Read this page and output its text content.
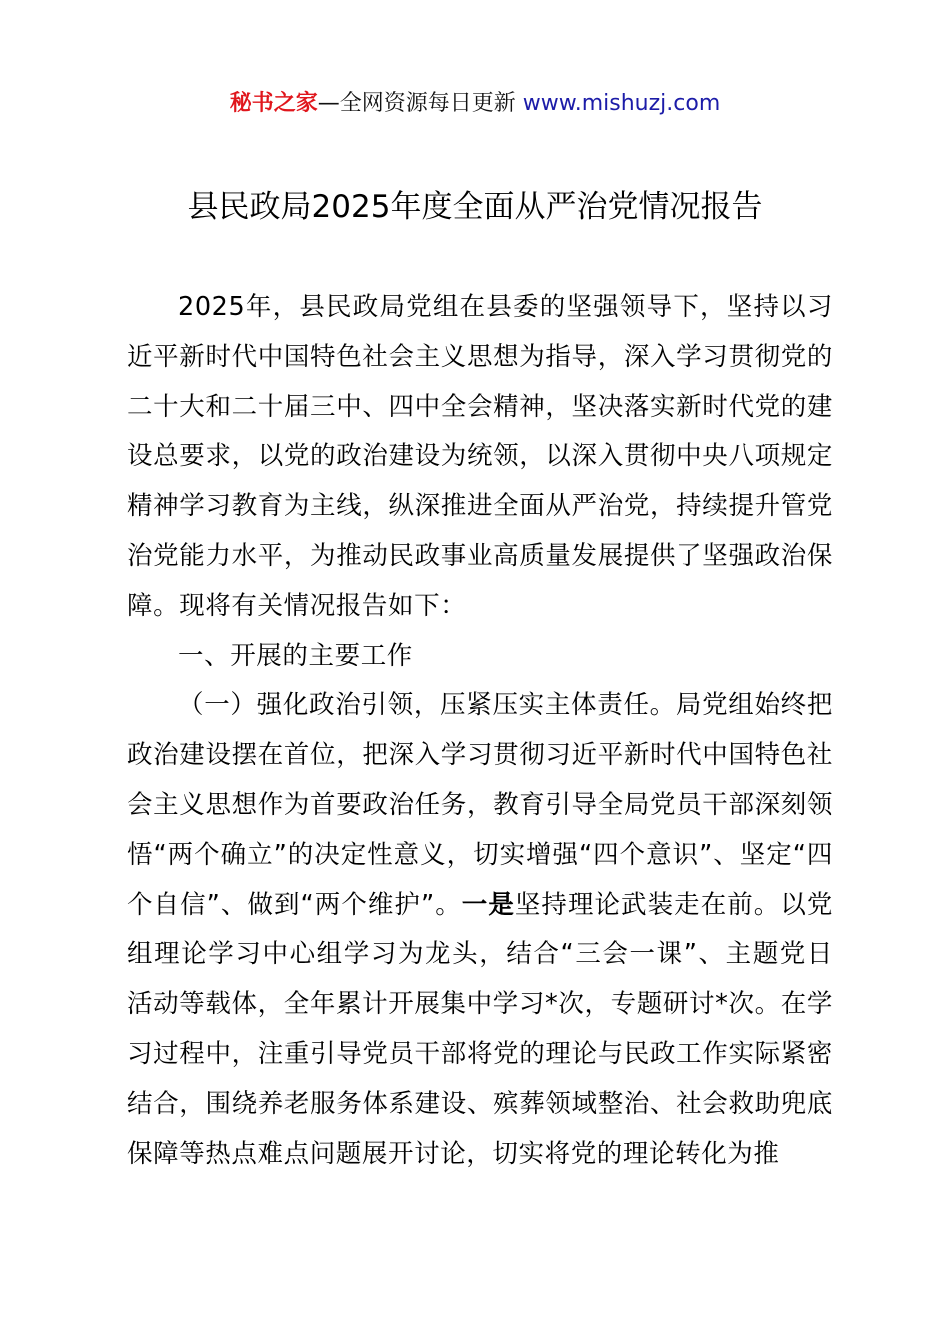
秘书之家—全网资源每日更新 www.mishuzj.com
县民政局2025年度全面从严治党情况报告

2025年，县民政局党组在县委的坚强领导下，坚持以习近平新时代中国特色社会主义思想为指导，深入学习贯彻党的二十大和二十届三中、四中全会精神，坚决落实新时代党的建设总要求，以党的政治建设为统领，以深入贯彻中央八项规定精神学习教育为主线，纵深推进全面从严治党，持续提升管党治党能力水平，为推动民政事业高质量发展提供了坚强政治保障。现将有关情况报告如下：

一、开展的主要工作

（一）强化政治引领，压紧压实主体责任。局党组始终把政治建设摆在首位，把深入学习贯彻习近平新时代中国特色社会主义思想作为首要政治任务，教育引导全局党员干部深刻领悟“两个确立”的决定性意义，切实增强“四个意识”、坚定“四个自信”、做到“两个维护”。一是坚持理论武装走在前。以党组理论学习中心组学习为龙头，结合“三会一课”、主题党日活动等载体，全年累计开展集中学习*次，专题研讨*次。在学习过程中，注重引导党员干部将党的理论与民政工作实际紧密结合，围绕养老服务体系建设、殡葬领域整治、社会救助兜底保障等热点难点问题展开讨论，切实将党的理论转化为推
